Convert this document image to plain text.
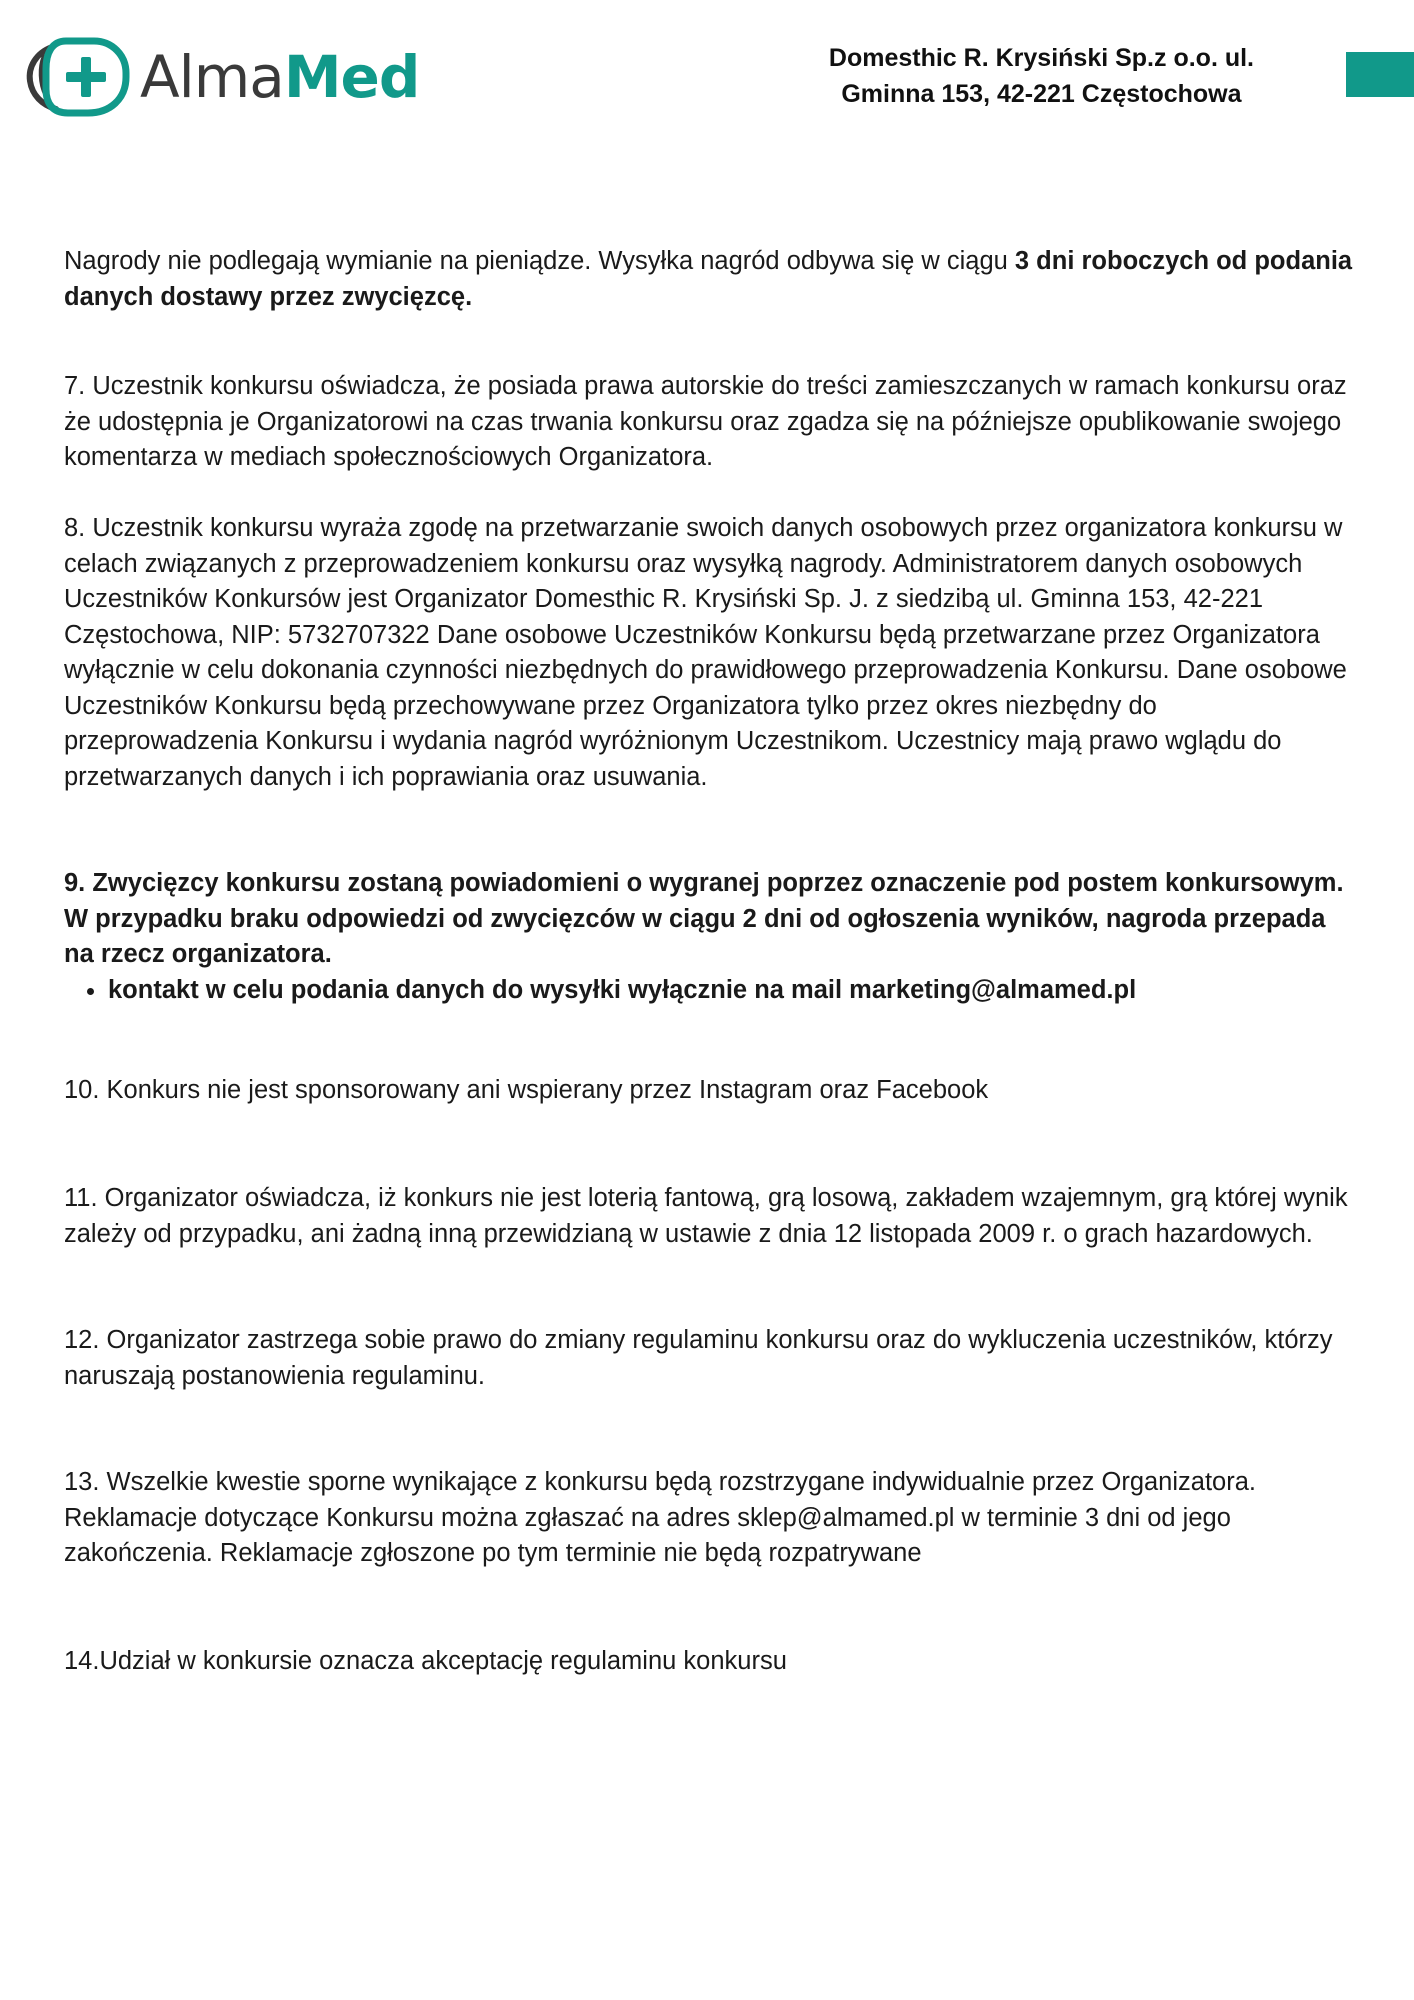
AlmaMed	Domesthic R. Krysiński Sp.z o.o. ul.
Gminna 153, 42-221 Częstochowa

Nagrody nie podlegają wymianie na pieniądze. Wysyłka nagród odbywa się w ciągu 3 dni roboczych od podania danych dostawy przez zwycięzcę.

7. Uczestnik konkursu oświadcza, że posiada prawa autorskie do treści zamieszczanych w ramach konkursu oraz że udostępnia je Organizatorowi na czas trwania konkursu oraz zgadza się na późniejsze opublikowanie swojego komentarza w mediach społecznościowych Organizatora.

8. Uczestnik konkursu wyraża zgodę na przetwarzanie swoich danych osobowych przez organizatora konkursu w celach związanych z przeprowadzeniem konkursu oraz wysyłką nagrody. Administratorem danych osobowych Uczestników Konkursów jest Organizator Domesthic R. Krysiński Sp. J. z siedzibą ul. Gminna 153, 42-221 Częstochowa, NIP: 5732707322 Dane osobowe Uczestników Konkursu będą przetwarzane przez Organizatora wyłącznie w celu dokonania czynności niezbędnych do prawidłowego przeprowadzenia Konkursu. Dane osobowe Uczestników Konkursu będą przechowywane przez Organizatora tylko przez okres niezbędny do przeprowadzenia Konkursu i wydania nagród wyróżnionym Uczestnikom. Uczestnicy mają prawo wglądu do przetwarzanych danych i ich poprawiania oraz usuwania.

9. Zwycięzcy konkursu zostaną powiadomieni o wygranej poprzez oznaczenie pod postem konkursowym. W przypadku braku odpowiedzi od zwycięzców w ciągu 2 dni od ogłoszenia wyników, nagroda przepada na rzecz organizatora.

• kontakt w celu podania danych do wysyłki wyłącznie na mail marketing@almamed.pl

10. Konkurs nie jest sponsorowany ani wspierany przez Instagram oraz Facebook

11. Organizator oświadcza, iż konkurs nie jest loterią fantową, grą losową, zakładem wzajemnym, grą której wynik zależy od przypadku, ani żadną inną przewidzianą w ustawie z dnia 12 listopada 2009 r. o grach hazardowych.

12. Organizator zastrzega sobie prawo do zmiany regulaminu konkursu oraz do wykluczenia uczestników, którzy naruszają postanowienia regulaminu.

13. Wszelkie kwestie sporne wynikające z konkursu będą rozstrzygane indywidualnie przez Organizatora. Reklamacje dotyczące Konkursu można zgłaszać na adres sklep@almamed.pl w terminie 3 dni od jego zakończenia. Reklamacje zgłoszone po tym terminie nie będą rozpatrywane

14.Udział w konkursie oznacza akceptację regulaminu konkursu
